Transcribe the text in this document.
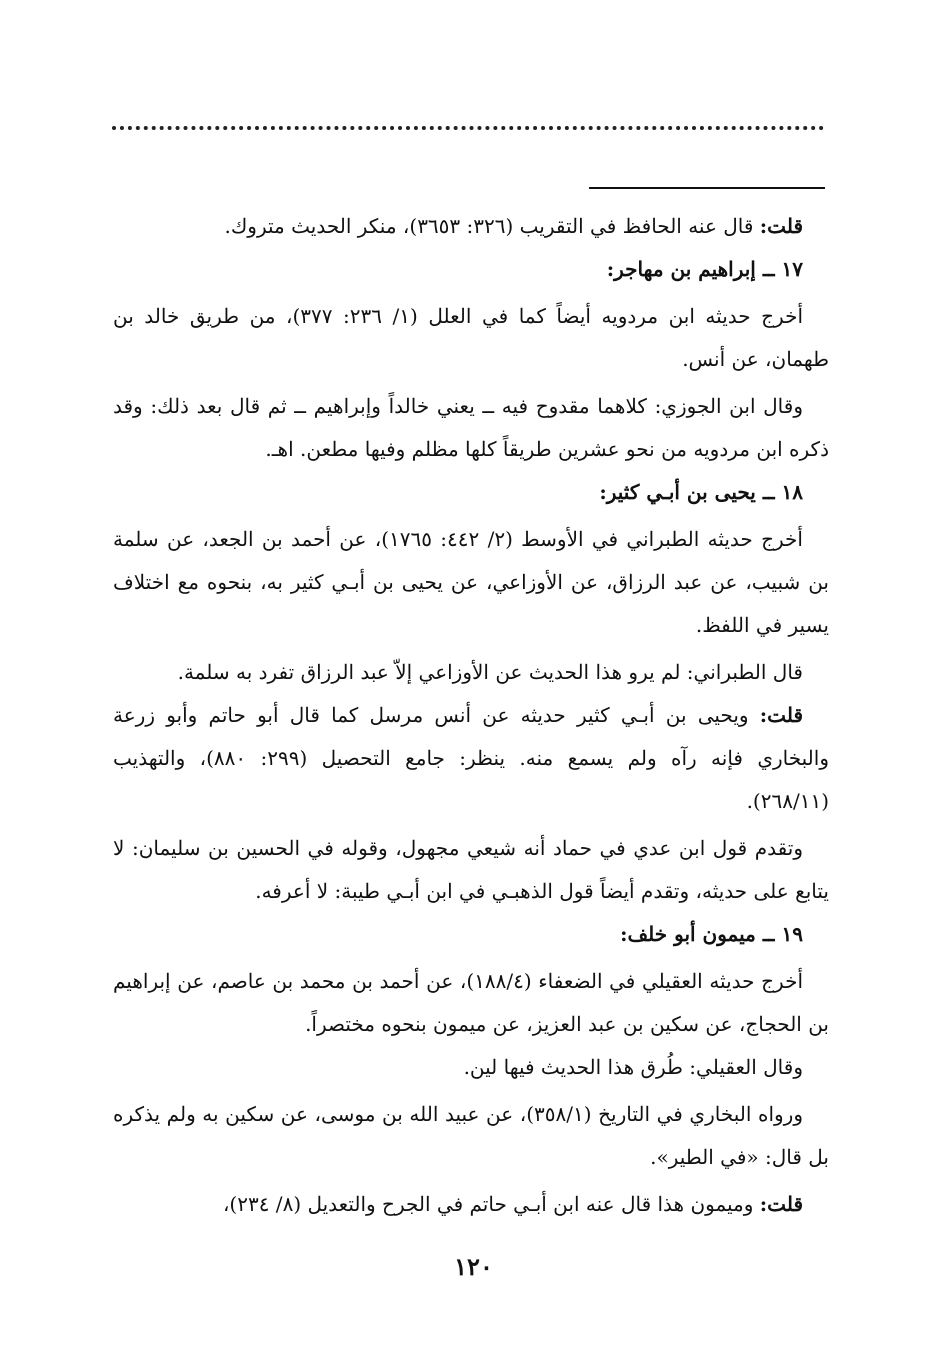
قلت: قال عنه الحافظ في التقريب (٣٢٦: ٣٦٥٣)، منكر الحديث متروك.

١٧ ــ إبراهيم بن مهاجر:

أخرج حديثه ابن مردويه أيضاً كما في العلل (١/ ٢٣٦: ٣٧٧)، من طريق خالد بن طهمان، عن أنس.

وقال ابن الجوزي: كلاهما مقدوح فيه ــ يعني خالداً وإبراهيم ــ ثم قال بعد ذلك: وقد ذكره ابن مردويه من نحو عشرين طريقاً كلها مظلم وفيها مطعن. اهـ.

١٨ ــ يحيى بن أبـي كثير:

أخرج حديثه الطبراني في الأوسط (٢/ ٤٤٢: ١٧٦٥)، عن أحمد بن الجعد، عن سلمة بن شبيب، عن عبد الرزاق، عن الأوزاعي، عن يحيى بن أبـي كثير به، بنحوه مع اختلاف يسير في اللفظ.

قال الطبراني: لم يرو هذا الحديث عن الأوزاعي إلاّ عبد الرزاق تفرد به سلمة.

قلت: ويحيى بن أبـي كثير حديثه عن أنس مرسل كما قال أبو حاتم وأبو زرعة والبخاري فإنه رآه ولم يسمع منه. ينظر: جامع التحصيل (٢٩٩: ٨٨٠)، والتهذيب (٢٦٨/١١).

وتقدم قول ابن عدي في حماد أنه شيعي مجهول، وقوله في الحسين بن سليمان: لا يتابع على حديثه، وتقدم أيضاً قول الذهبـي في ابن أبـي طيبة: لا أعرفه.

١٩ ــ ميمون أبو خلف:

أخرج حديثه العقيلي في الضعفاء (١٨٨/٤)، عن أحمد بن محمد بن عاصم، عن إبراهيم بن الحجاج، عن سكين بن عبد العزيز، عن ميمون بنحوه مختصراً.

وقال العقيلي: طُرق هذا الحديث فيها لين.

ورواه البخاري في التاريخ (٣٥٨/١)، عن عبيد الله بن موسى، عن سكين به ولم يذكره بل قال: «في الطير».

قلت: وميمون هذا قال عنه ابن أبـي حاتم في الجرح والتعديل (٨/ ٢٣٤)،

١٢٠
